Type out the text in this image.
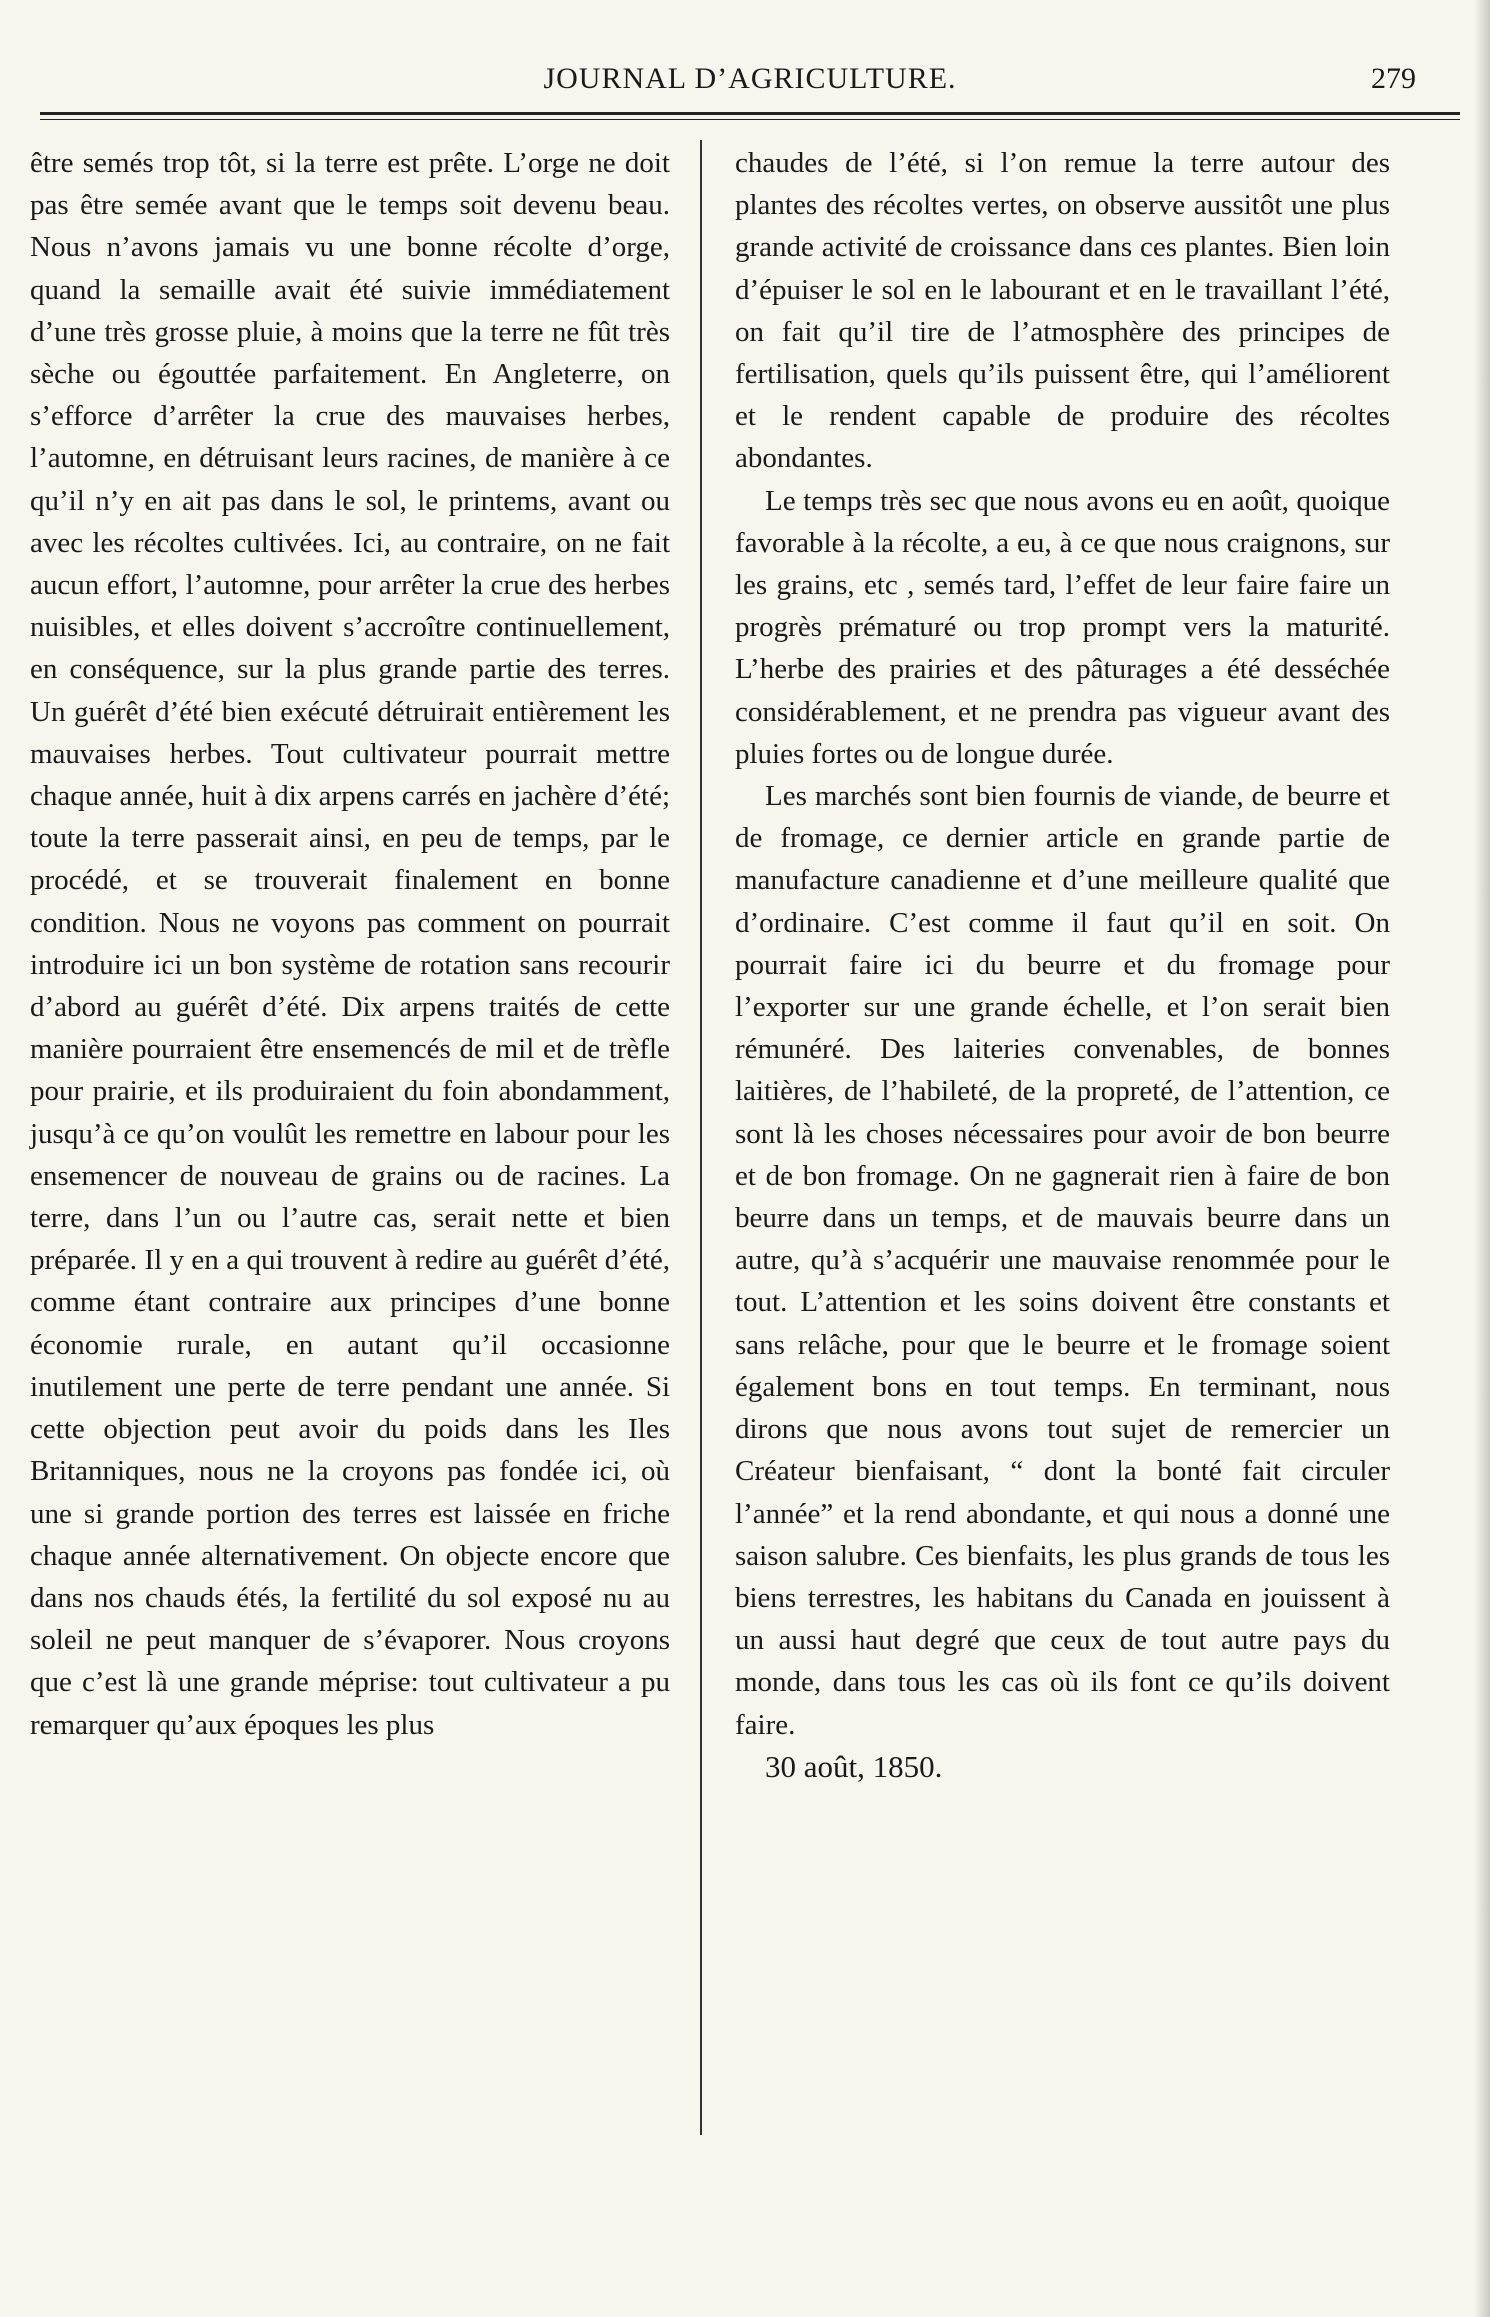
JOURNAL D’AGRICULTURE.	279

être semés trop tôt, si la terre est prête. L’orge ne doit pas être semée avant que le temps soit devenu beau. Nous n’avons jamais vu une bonne récolte d’orge, quand la semaille avait été suivie immédiatement d’une très grosse pluie, à moins que la terre ne fût très sèche ou égouttée parfaitement. En Angleterre, on s’efforce d’arrêter la crue des mauvaises herbes, l’automne, en détruisant leurs racines, de manière à ce qu’il n’y en ait pas dans le sol, le printems, avant ou avec les récoltes cultivées. Ici, au contraire, on ne fait aucun effort, l’automne, pour arrêter la crue des herbes nuisibles, et elles doivent s’accroître continuellement, en conséquence, sur la plus grande partie des terres. Un guérêt d’été bien exécuté détruirait entièrement les mauvaises herbes. Tout cultivateur pourrait mettre chaque année, huit à dix arpens carrés en jachère d’été; toute la terre passerait ainsi, en peu de temps, par le procédé, et se trouverait finalement en bonne condition. Nous ne voyons pas comment on pourrait introduire ici un bon système de rotation sans recourir d’abord au guérêt d’été. Dix arpens traités de cette manière pourraient être ensemencés de mil et de trèfle pour prairie, et ils produiraient du foin abondamment, jusqu’à ce qu’on voulût les remettre en labour pour les ensemencer de nouveau de grains ou de racines. La terre, dans l’un ou l’autre cas, serait nette et bien préparée. Il y en a qui trouvent à redire au guérêt d’été, comme étant contraire aux principes d’une bonne économie rurale, en autant qu’il occasionne inutilement une perte de terre pendant une année. Si cette objection peut avoir du poids dans les Iles Britanniques, nous ne la croyons pas fondée ici, où une si grande portion des terres est laissée en friche chaque année alternativement. On objecte encore que dans nos chauds étés, la fertilité du sol exposé nu au soleil ne peut manquer de s’évaporer. Nous croyons que c’est là une grande méprise: tout cultivateur a pu remarquer qu’aux époques les plus

chaudes de l’été, si l’on remue la terre autour des plantes des récoltes vertes, on observe aussitôt une plus grande activité de croissance dans ces plantes. Bien loin d’épuiser le sol en le labourant et en le travaillant l’été, on fait qu’il tire de l’atmosphère des principes de fertilisation, quels qu’ils puissent être, qui l’améliorent et le rendent capable de produire des récoltes abondantes.

Le temps très sec que nous avons eu en août, quoique favorable à la récolte, a eu, à ce que nous craignons, sur les grains, etc , semés tard, l’effet de leur faire faire un progrès prématuré ou trop prompt vers la maturité. L’herbe des prairies et des pâturages a été desséchée considérablement, et ne prendra pas vigueur avant des pluies fortes ou de longue durée.

Les marchés sont bien fournis de viande, de beurre et de fromage, ce dernier article en grande partie de manufacture canadienne et d’une meilleure qualité que d’ordinaire. C’est comme il faut qu’il en soit. On pourrait faire ici du beurre et du fromage pour l’exporter sur une grande échelle, et l’on serait bien rémunéré. Des laiteries convenables, de bonnes laitières, de l’habileté, de la propreté, de l’attention, ce sont là les choses nécessaires pour avoir de bon beurre et de bon fromage. On ne gagnerait rien à faire de bon beurre dans un temps, et de mauvais beurre dans un autre, qu’à s’acquérir une mauvaise renommée pour le tout. L’attention et les soins doivent être constants et sans relâche, pour que le beurre et le fromage soient également bons en tout temps. En terminant, nous dirons que nous avons tout sujet de remercier un Créateur bienfaisant, “ dont la bonté fait circuler l’année” et la rend abondante, et qui nous a donné une saison salubre. Ces bienfaits, les plus grands de tous les biens terrestres, les habitans du Canada en jouissent à un aussi haut degré que ceux de tout autre pays du monde, dans tous les cas où ils font ce qu’ils doivent faire.

30 août, 1850.
